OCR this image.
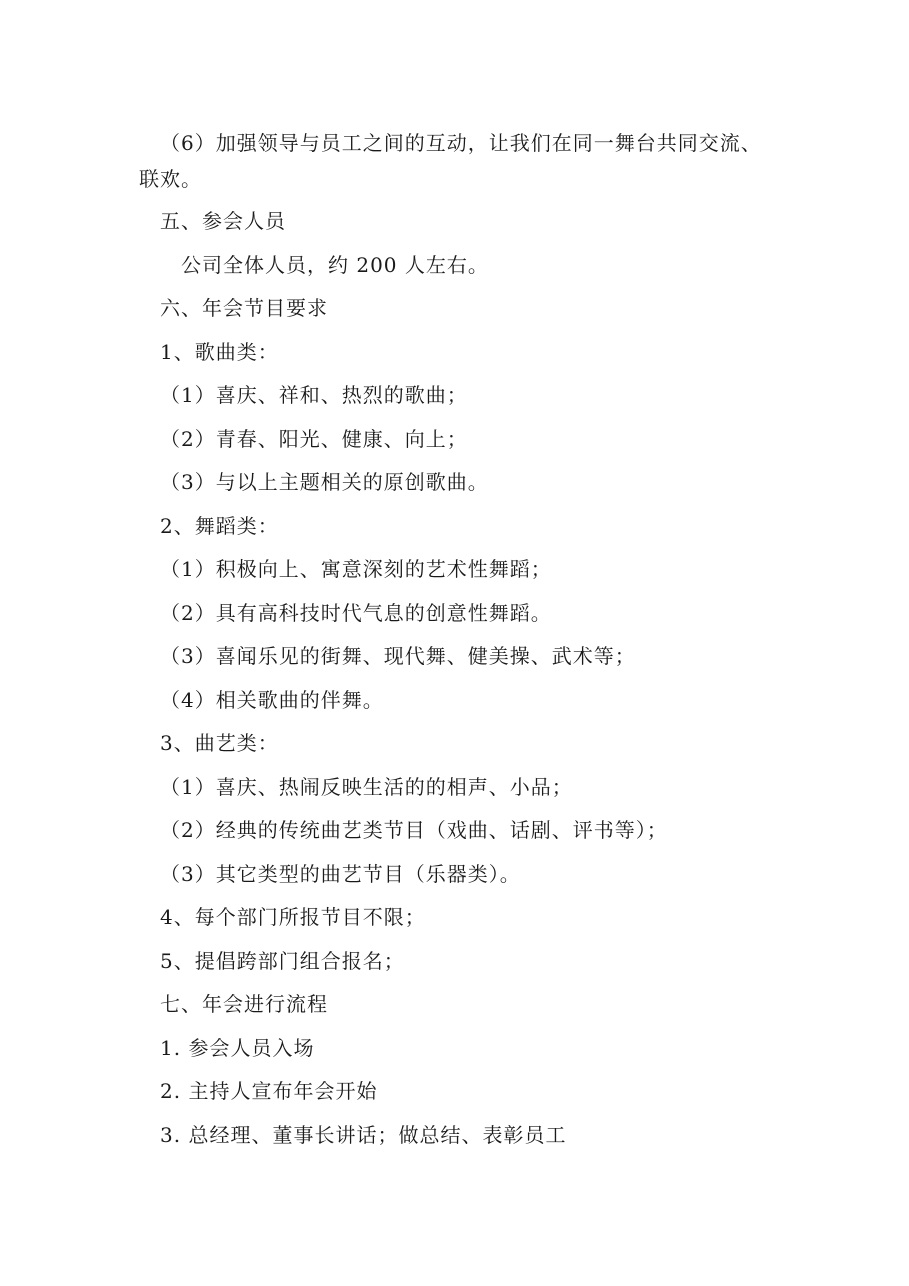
（6）加强领导与员工之间的互动，让我们在同一舞台共同交流、
联欢。
五、参会人员
公司全体人员，约 200 人左右。
六、年会节目要求
1、歌曲类：
（1）喜庆、祥和、热烈的歌曲；
（2）青春、阳光、健康、向上；
（3）与以上主题相关的原创歌曲。
2、舞蹈类：
（1）积极向上、寓意深刻的艺术性舞蹈；
（2）具有高科技时代气息的创意性舞蹈。
（3）喜闻乐见的街舞、现代舞、健美操、武术等；
（4）相关歌曲的伴舞。
3、曲艺类：
（1）喜庆、热闹反映生活的的相声、小品；
（2）经典的传统曲艺类节目（戏曲、话剧、评书等）；
（3）其它类型的曲艺节目（乐器类）。
4、每个部门所报节目不限；
5、提倡跨部门组合报名；
七、年会进行流程
1. 参会人员入场
2. 主持人宣布年会开始
3. 总经理、董事长讲话；做总结、表彰员工
